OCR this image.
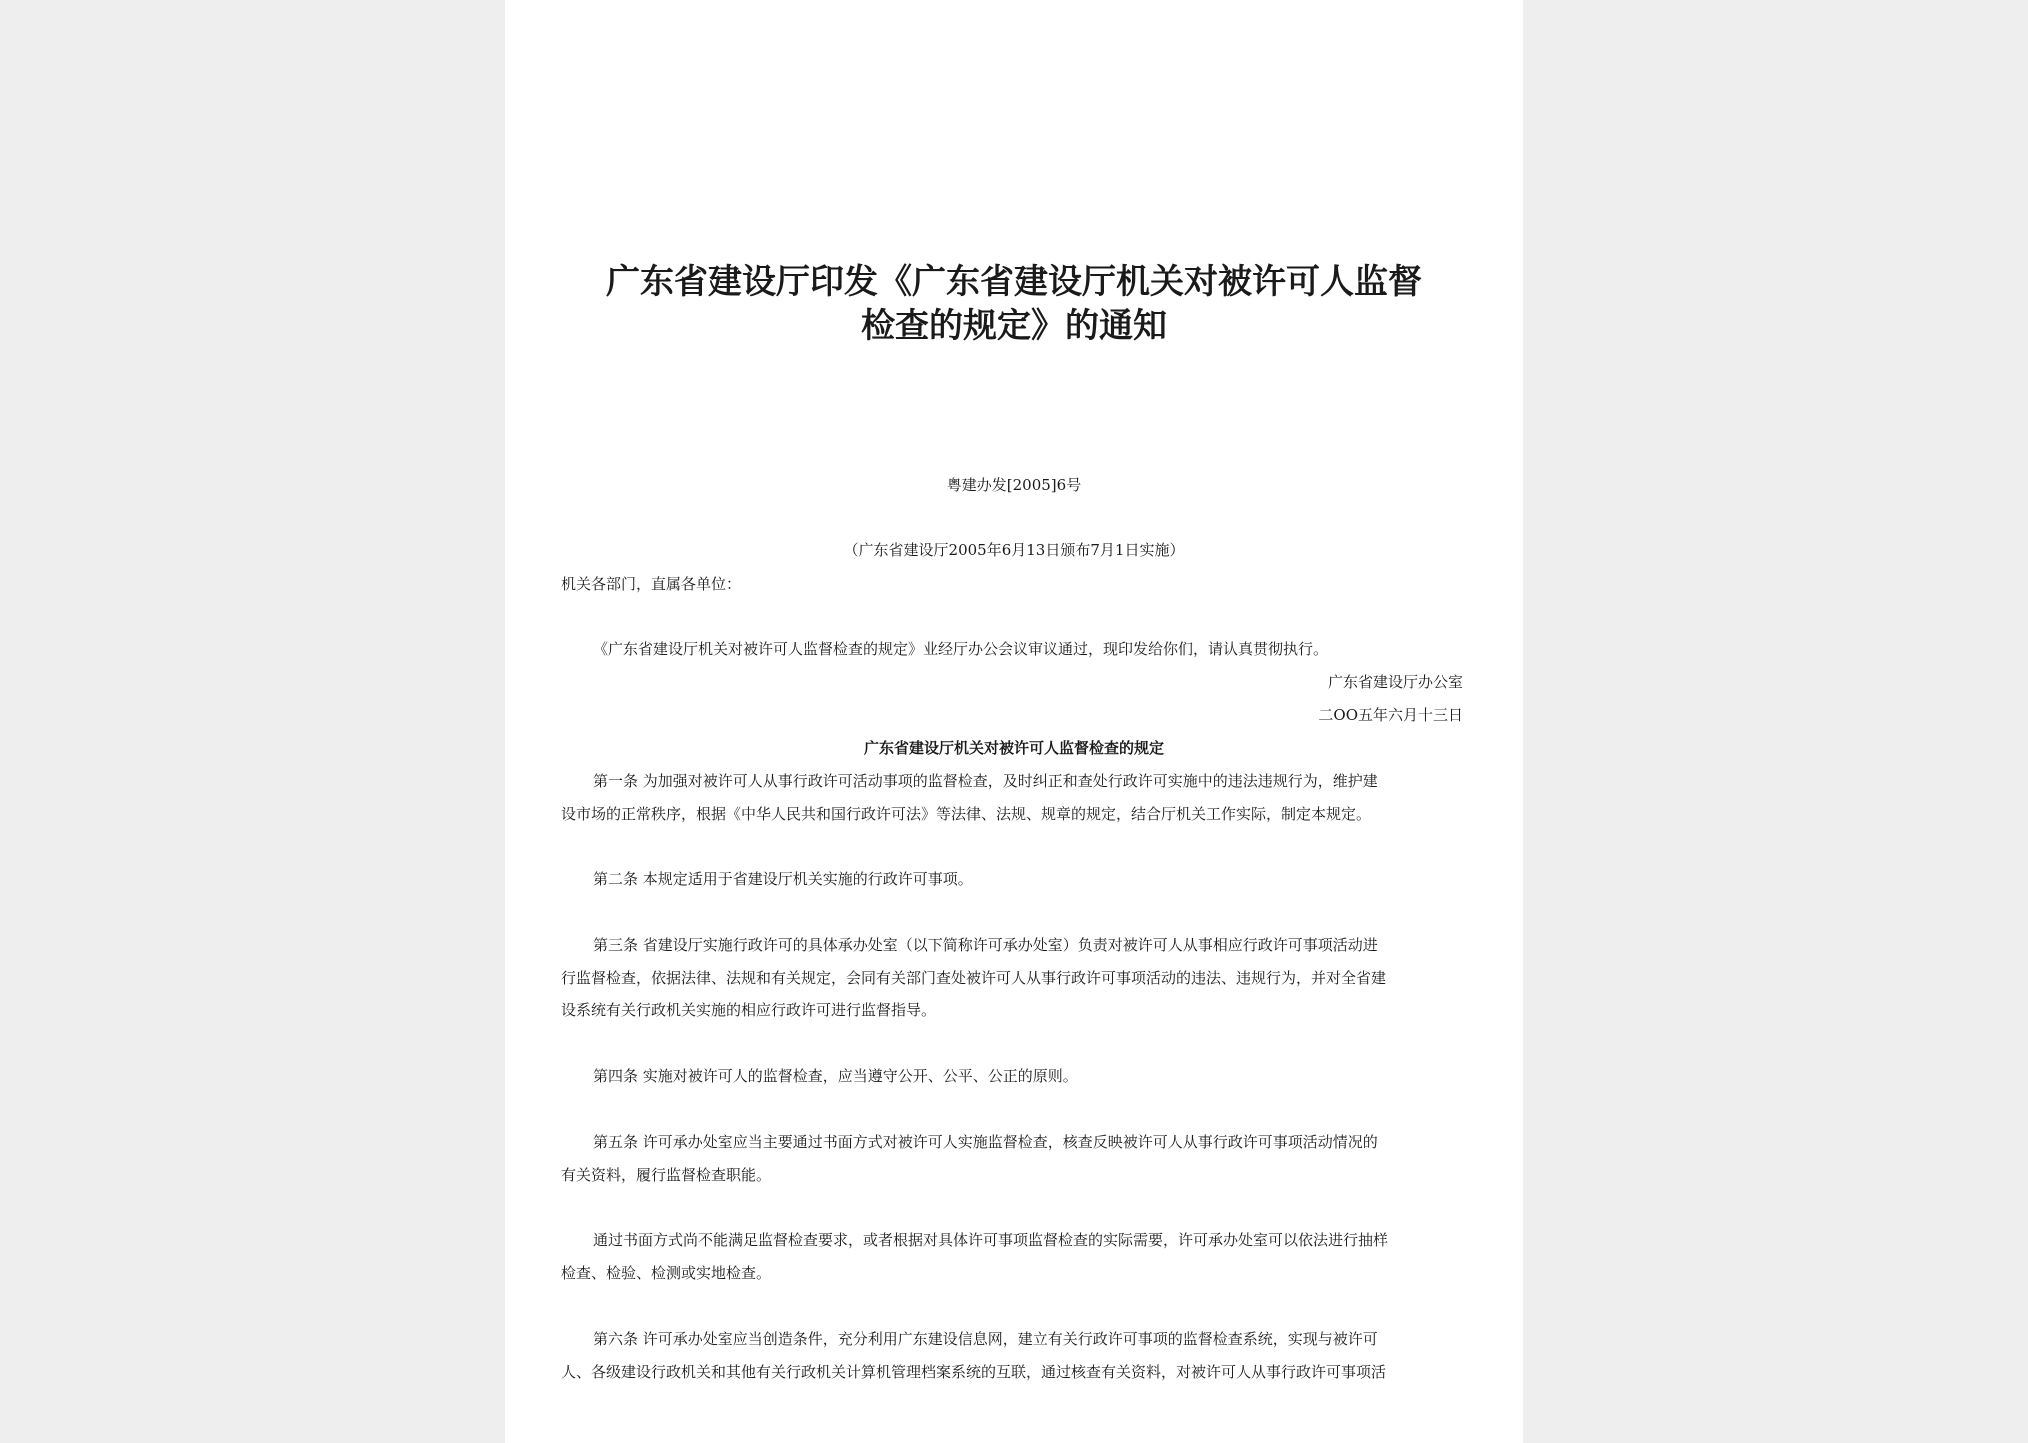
广东省建设厅印发《广东省建设厅机关对被许可人监督
检查的规定》的通知
粤建办发[2005]6号
（广东省建设厅2005年6月13日颁布7月1日实施）
机关各部门，直属各单位：
《广东省建设厅机关对被许可人监督检查的规定》业经厅办公会议审议通过，现印发给你们，请认真贯彻执行。
广东省建设厅办公室
二OO五年六月十三日
广东省建设厅机关对被许可人监督检查的规定
第一条 为加强对被许可人从事行政许可活动事项的监督检查，及时纠正和查处行政许可实施中的违法违规行为，维护建
设市场的正常秩序，根据《中华人民共和国行政许可法》等法律、法规、规章的规定，结合厅机关工作实际，制定本规定。
第二条 本规定适用于省建设厅机关实施的行政许可事项。
第三条 省建设厅实施行政许可的具体承办处室（以下简称许可承办处室）负责对被许可人从事相应行政许可事项活动进
行监督检查，依据法律、法规和有关规定，会同有关部门查处被许可人从事行政许可事项活动的违法、违规行为，并对全省建
设系统有关行政机关实施的相应行政许可进行监督指导。
第四条 实施对被许可人的监督检查，应当遵守公开、公平、公正的原则。
第五条 许可承办处室应当主要通过书面方式对被许可人实施监督检查，核查反映被许可人从事行政许可事项活动情况的
有关资料，履行监督检查职能。
通过书面方式尚不能满足监督检查要求，或者根据对具体许可事项监督检查的实际需要，许可承办处室可以依法进行抽样
检查、检验、检测或实地检查。
第六条 许可承办处室应当创造条件，充分利用广东建设信息网，建立有关行政许可事项的监督检查系统，实现与被许可
人、各级建设行政机关和其他有关行政机关计算机管理档案系统的互联，通过核查有关资料，对被许可人从事行政许可事项活
